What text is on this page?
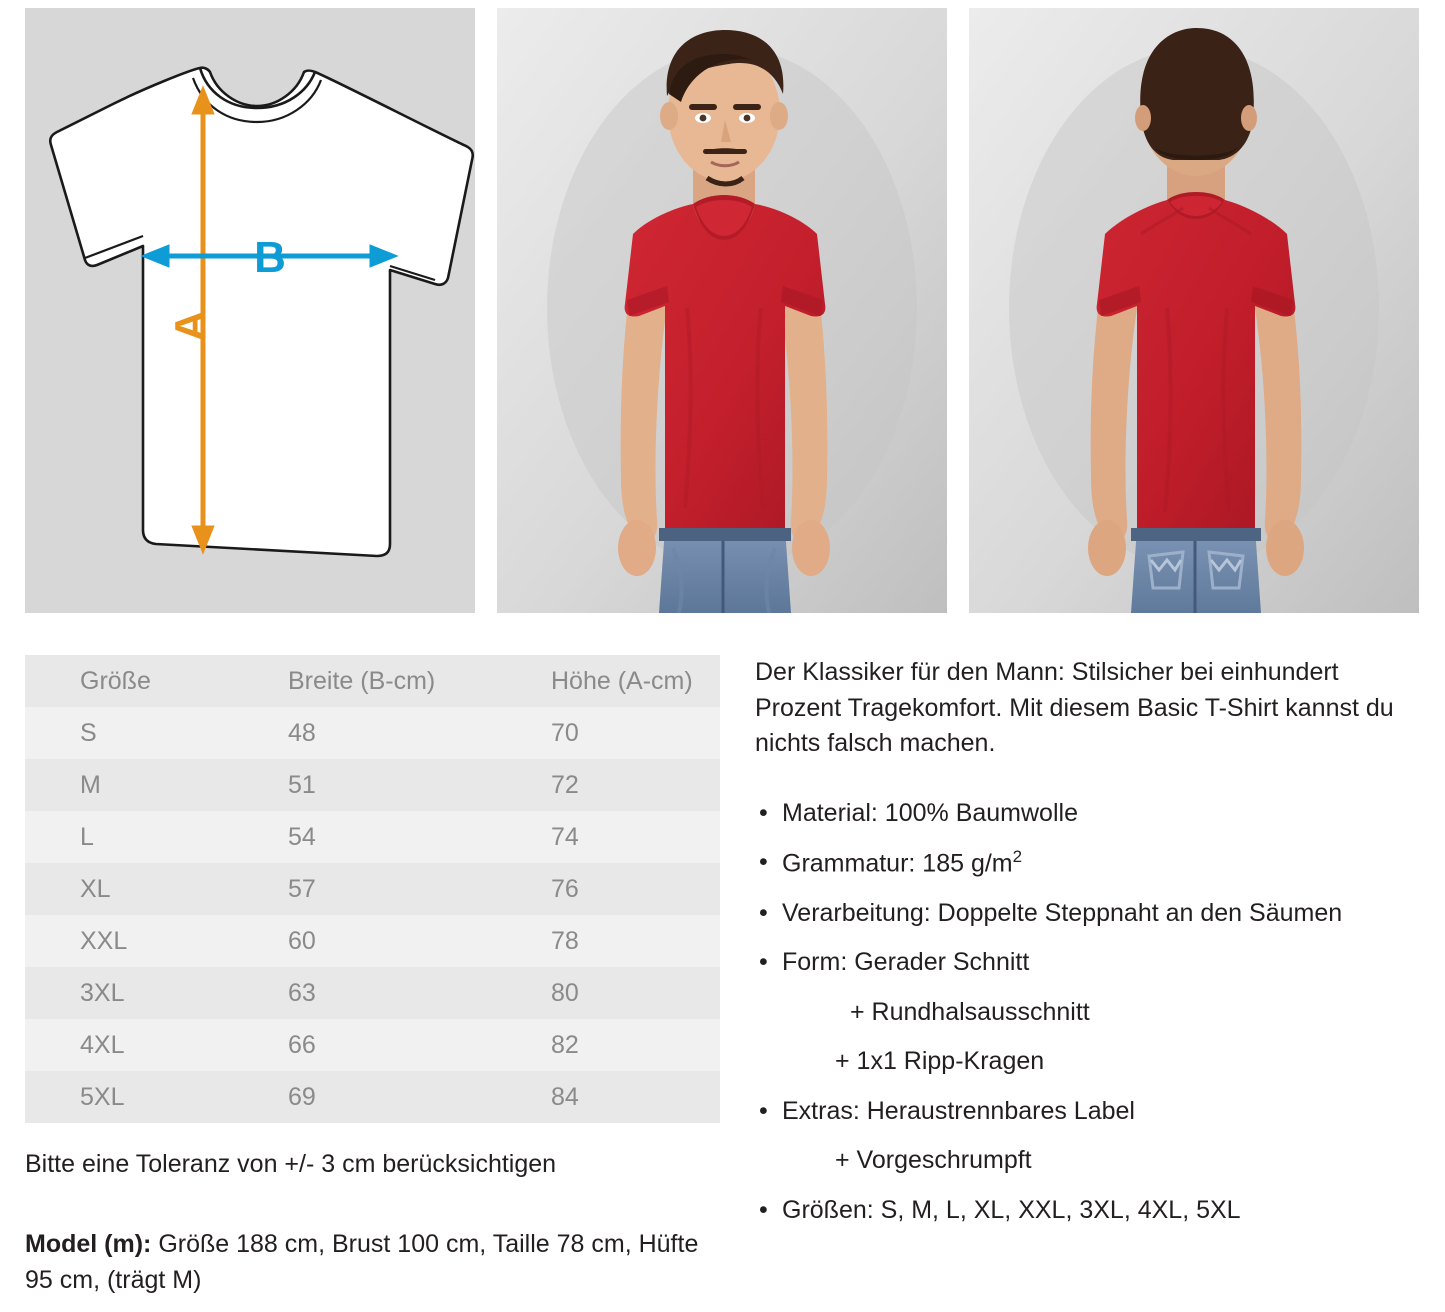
A
B
Größe	Breite (B-cm)	Höhe (A-cm)
S	48	70
M	51	72
L	54	74
XL	57	76
XXL	60	78
3XL	63	80
4XL	66	82
5XL	69	84
Bitte eine Toleranz von +/- 3 cm berücksichtigen
Model (m): Größe 188 cm, Brust 100 cm, Taille 78 cm, Hüfte 95 cm, (trägt M)

Der Klassiker für den Mann: Stilsicher bei einhundert Prozent Tragekomfort. Mit diesem Basic T-Shirt kannst du nichts falsch machen.

• Material: 100% Baumwolle
• Grammatur: 185 $g/m^2$
• Verarbeitung: Doppelte Steppnaht an den Säumen
• Form: Gerader Schnitt
+ Rundhalsausschnitt
+ 1x1 Ripp-Kragen
• Extras: Heraustrennbares Label
+ Vorgeschrumpft
• Größen: S, M, L, XL, XXL, 3XL, 4XL, 5XL
